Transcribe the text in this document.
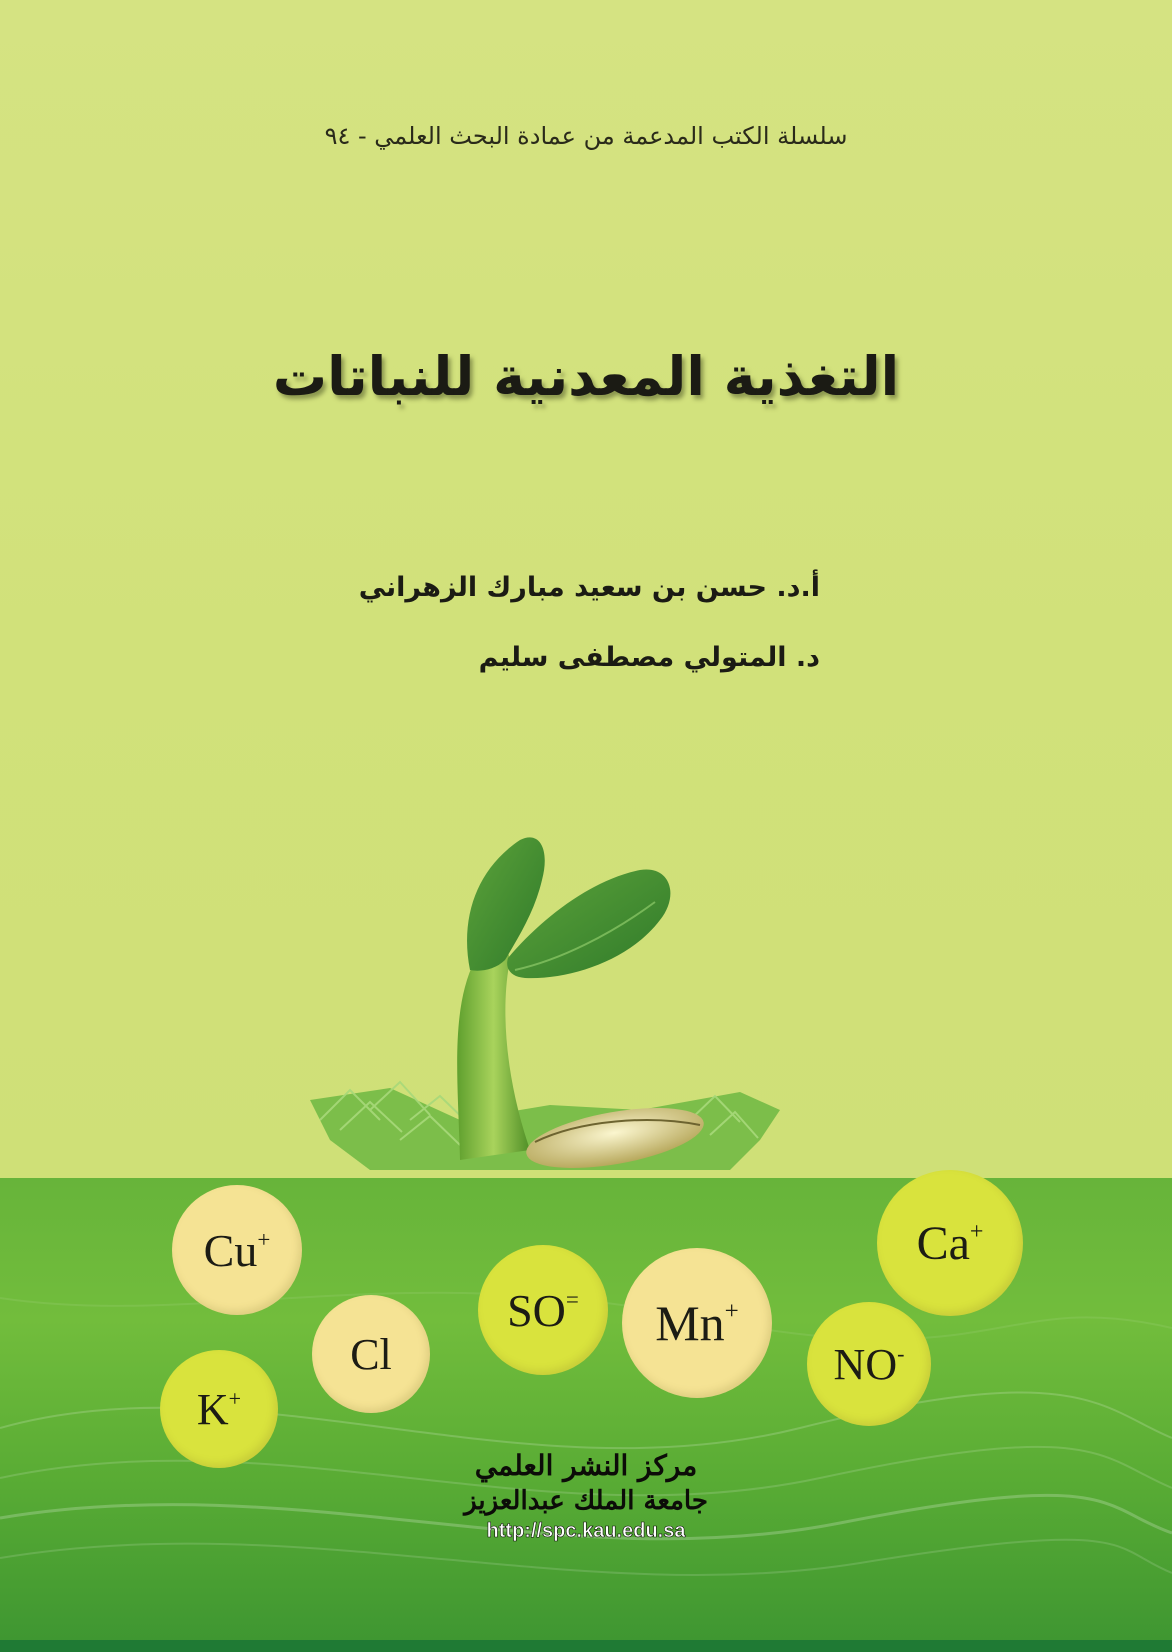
سلسلة الكتب المدعمة من عمادة البحث العلمي - ٩٤
التغذية المعدنية للنباتات
أ.د. حسن بن سعيد مبارك الزهراني
د. المتولي مصطفى سليم
Cu+
Cl
K+
SO= Mn+
Ca+
NO-
مركز النشر العلمي
جامعة الملك عبدالعزيز
http://spc.kau.edu.sa
